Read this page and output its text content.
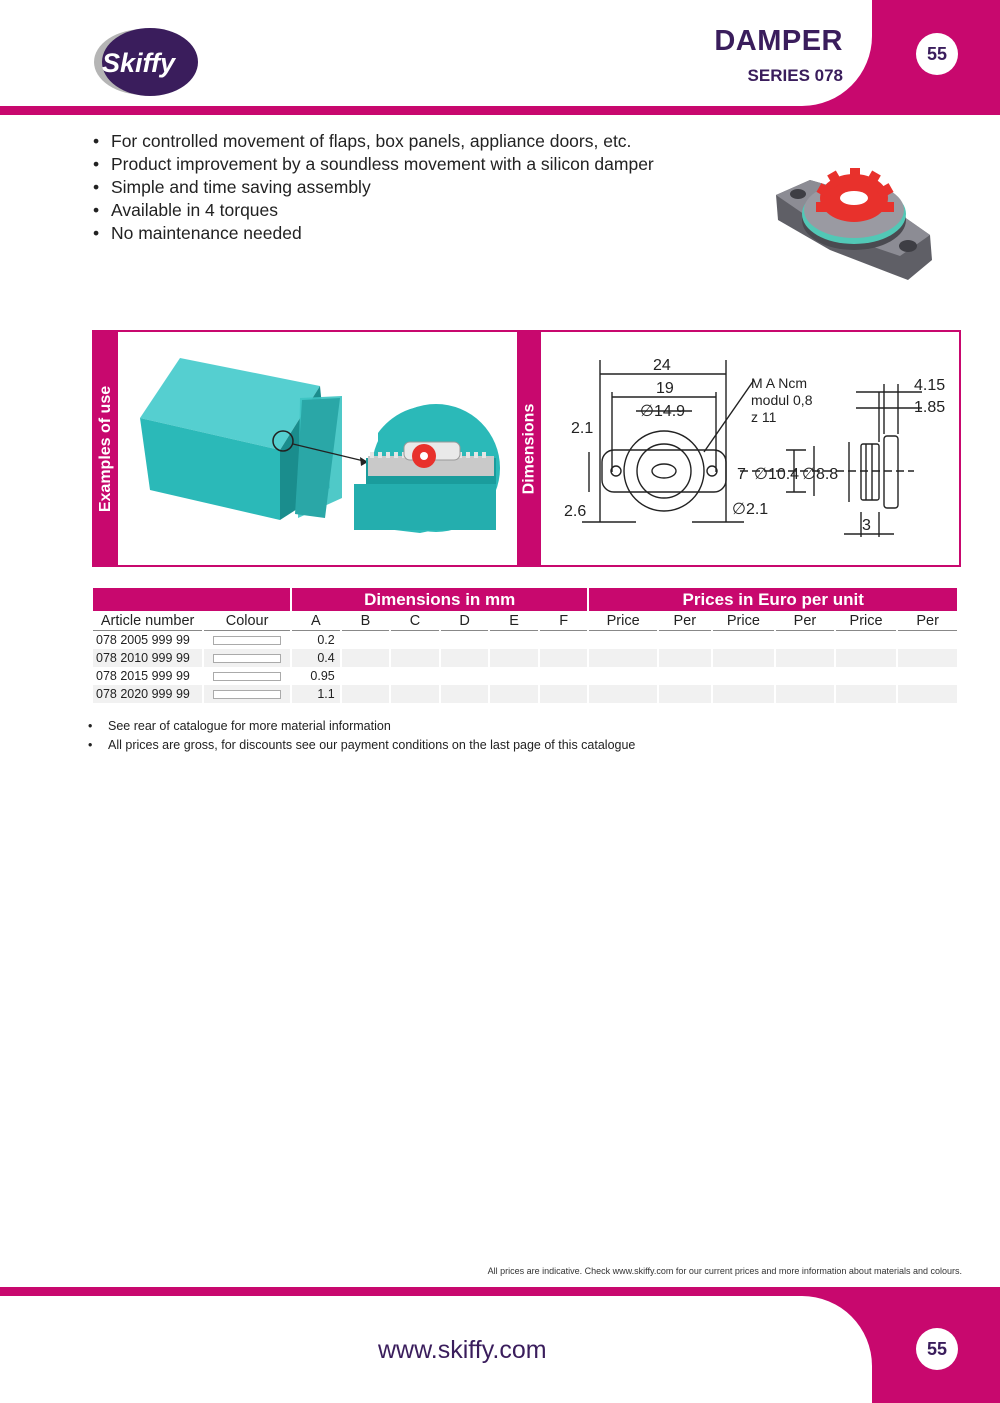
Skiffy
DAMPER
SERIES 078
55
• For controlled movement of flaps, box panels, appliance doors, etc.
• Product improvement by a soundless movement with a silicon damper
• Simple and time saving assembly
• Available in 4 torques
• No maintenance needed
Examples of use	Dimensions
24
19
∅14.9
2.1
2.6
7 ∅10.4 ∅8.8
∅2.1
4.15
1.85
3
M A Ncm
modul 0,8
z 11
		Dimensions in mm						Prices in Euro per unit					
Article number	Colour	A	B	C	D	E	F	Price	Per	Price	Per	Price	Per
078 2005 999 99		0.2											
078 2010 999 99		0.4											
078 2015 999 99		0.95											
078 2020 999 99		1.1											
• See rear of catalogue for more material information
• All prices are gross, for discounts see our payment conditions on the last page of this catalogue
All prices are indicative. Check www.skiffy.com for our current prices and more information about materials and colours.
www.skiffy.com	55
